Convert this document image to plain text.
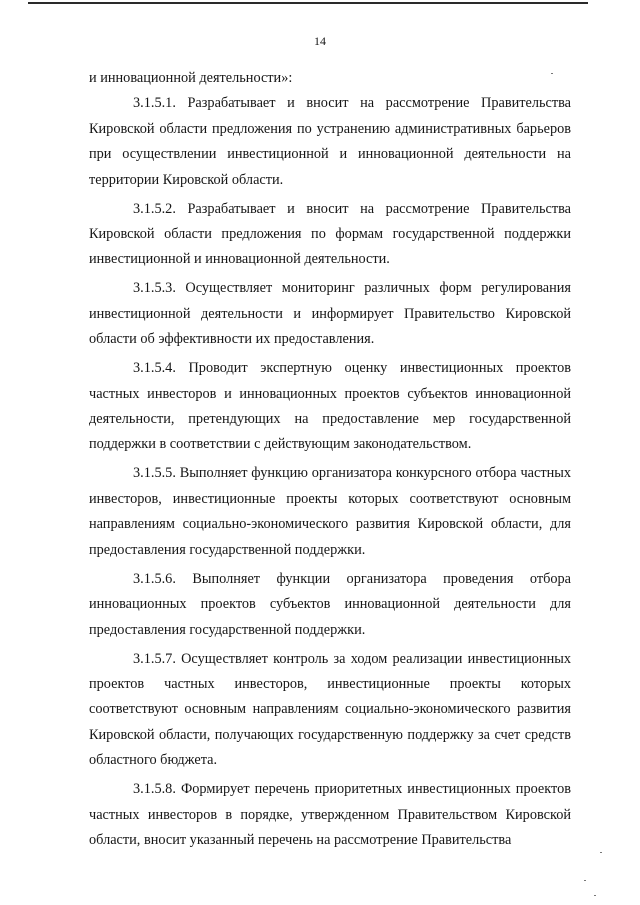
14

и инновационной деятельности»:

3.1.5.1. Разрабатывает и вносит на рассмотрение Правительства Кировской области предложения по устранению административных барьеров при осуществлении инвестиционной и инновационной деятельности на территории Кировской области.

3.1.5.2. Разрабатывает и вносит на рассмотрение Правительства Кировской области предложения по формам государственной поддержки инвестиционной и инновационной деятельности.

3.1.5.3. Осуществляет мониторинг различных форм регулирования инвестиционной деятельности и информирует Правительство Кировской области об эффективности их предоставления.

3.1.5.4. Проводит экспертную оценку инвестиционных проектов частных инвесторов и инновационных проектов субъектов инновационной деятельности, претендующих на предоставление мер государственной поддержки в соответствии с действующим законодательством.

3.1.5.5. Выполняет функцию организатора конкурсного отбора частных инвесторов, инвестиционные проекты которых соответствуют основным направлениям социально-экономического развития Кировской области, для предоставления государственной поддержки.

3.1.5.6. Выполняет функции организатора проведения отбора инновационных проектов субъектов инновационной деятельности для предоставления государственной поддержки.

3.1.5.7. Осуществляет контроль за ходом реализации инвестиционных проектов частных инвесторов, инвестиционные проекты которых соответствуют основным направлениям социально-экономического развития Кировской области, получающих государственную поддержку за счет средств областного бюджета.

3.1.5.8. Формирует перечень приоритетных инвестиционных проектов частных инвесторов в порядке, утвержденном Правительством Кировской области, вносит указанный перечень на рассмотрение Правительства
